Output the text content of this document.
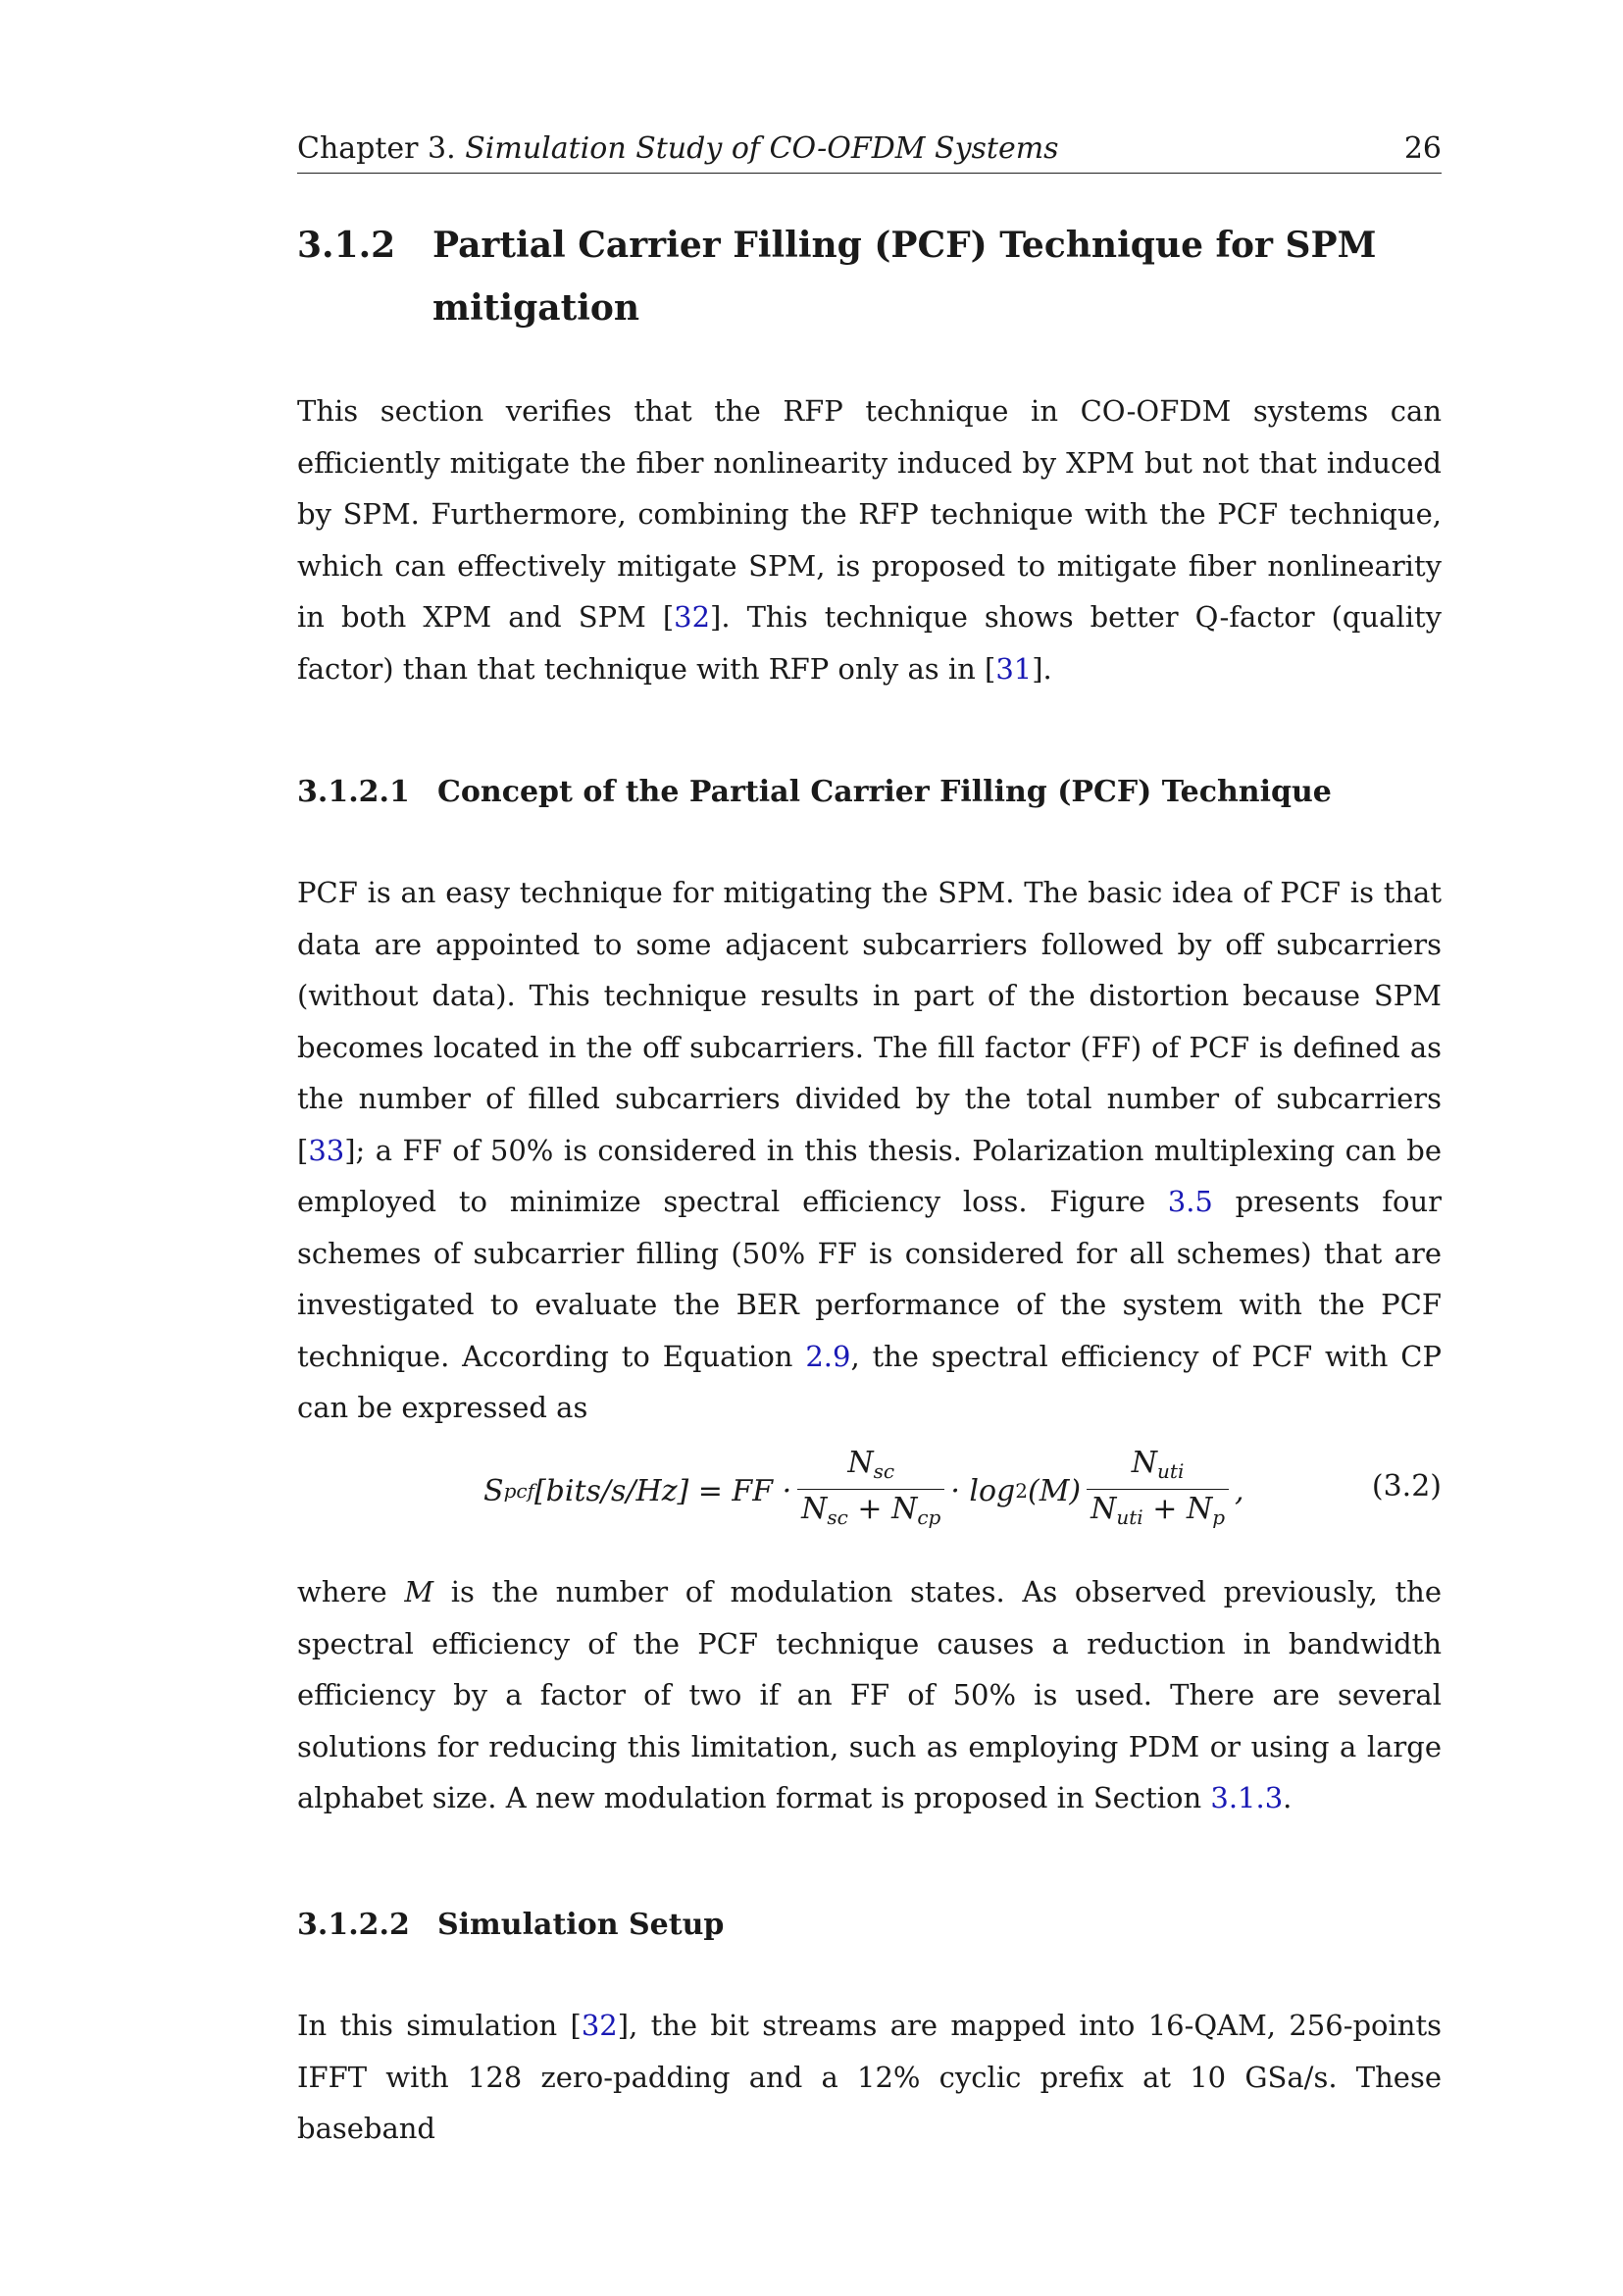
Chapter 3. Simulation Study of CO-OFDM Systems	26
3.1.2 Partial Carrier Filling (PCF) Technique for SPM mitigation

This section verifies that the RFP technique in CO-OFDM systems can efficiently mitigate the fiber nonlinearity induced by XPM but not that induced by SPM. Furthermore, combining the RFP technique with the PCF technique, which can effectively mitigate SPM, is proposed to mitigate fiber nonlinearity in both XPM and SPM [32]. This technique shows better Q-factor (quality factor) than that technique with RFP only as in [31].

3.1.2.1 Concept of the Partial Carrier Filling (PCF) Technique

PCF is an easy technique for mitigating the SPM. The basic idea of PCF is that data are appointed to some adjacent subcarriers followed by off subcarriers (without data). This technique results in part of the distortion because SPM becomes located in the off subcarriers. The fill factor (FF) of PCF is defined as the number of filled subcarriers divided by the total number of subcarriers [33]; a FF of 50% is considered in this thesis. Polarization multiplexing can be employed to minimize spectral efficiency loss. Figure 3.5 presents four schemes of subcarrier filling (50% FF is considered for all schemes) that are investigated to evaluate the BER performance of the system with the PCF technique. According to Equation 2.9, the spectral efficiency of PCF with CP can be expressed as

S pcf [bits/s/Hz] = FF · $\frac{N_{sc}}{N_{sc} + N_{cp}} \cdot \log 2$ $(M) \frac{N_{uti}}{N_{uti} + N_p}$ ,	(3.2)

where M is the number of modulation states. As observed previously, the spectral efficiency of the PCF technique causes a reduction in bandwidth efficiency by a factor of two if an FF of 50% is used. There are several solutions for reducing this limitation, such as employing PDM or using a large alphabet size. A new modulation format is proposed in Section 3.1.3.

3.1.2.2 Simulation Setup

In this simulation [32], the bit streams are mapped into 16-QAM, 256-points IFFT with 128 zero-padding and a 12% cyclic prefix at 10 GSa/s. These baseband
